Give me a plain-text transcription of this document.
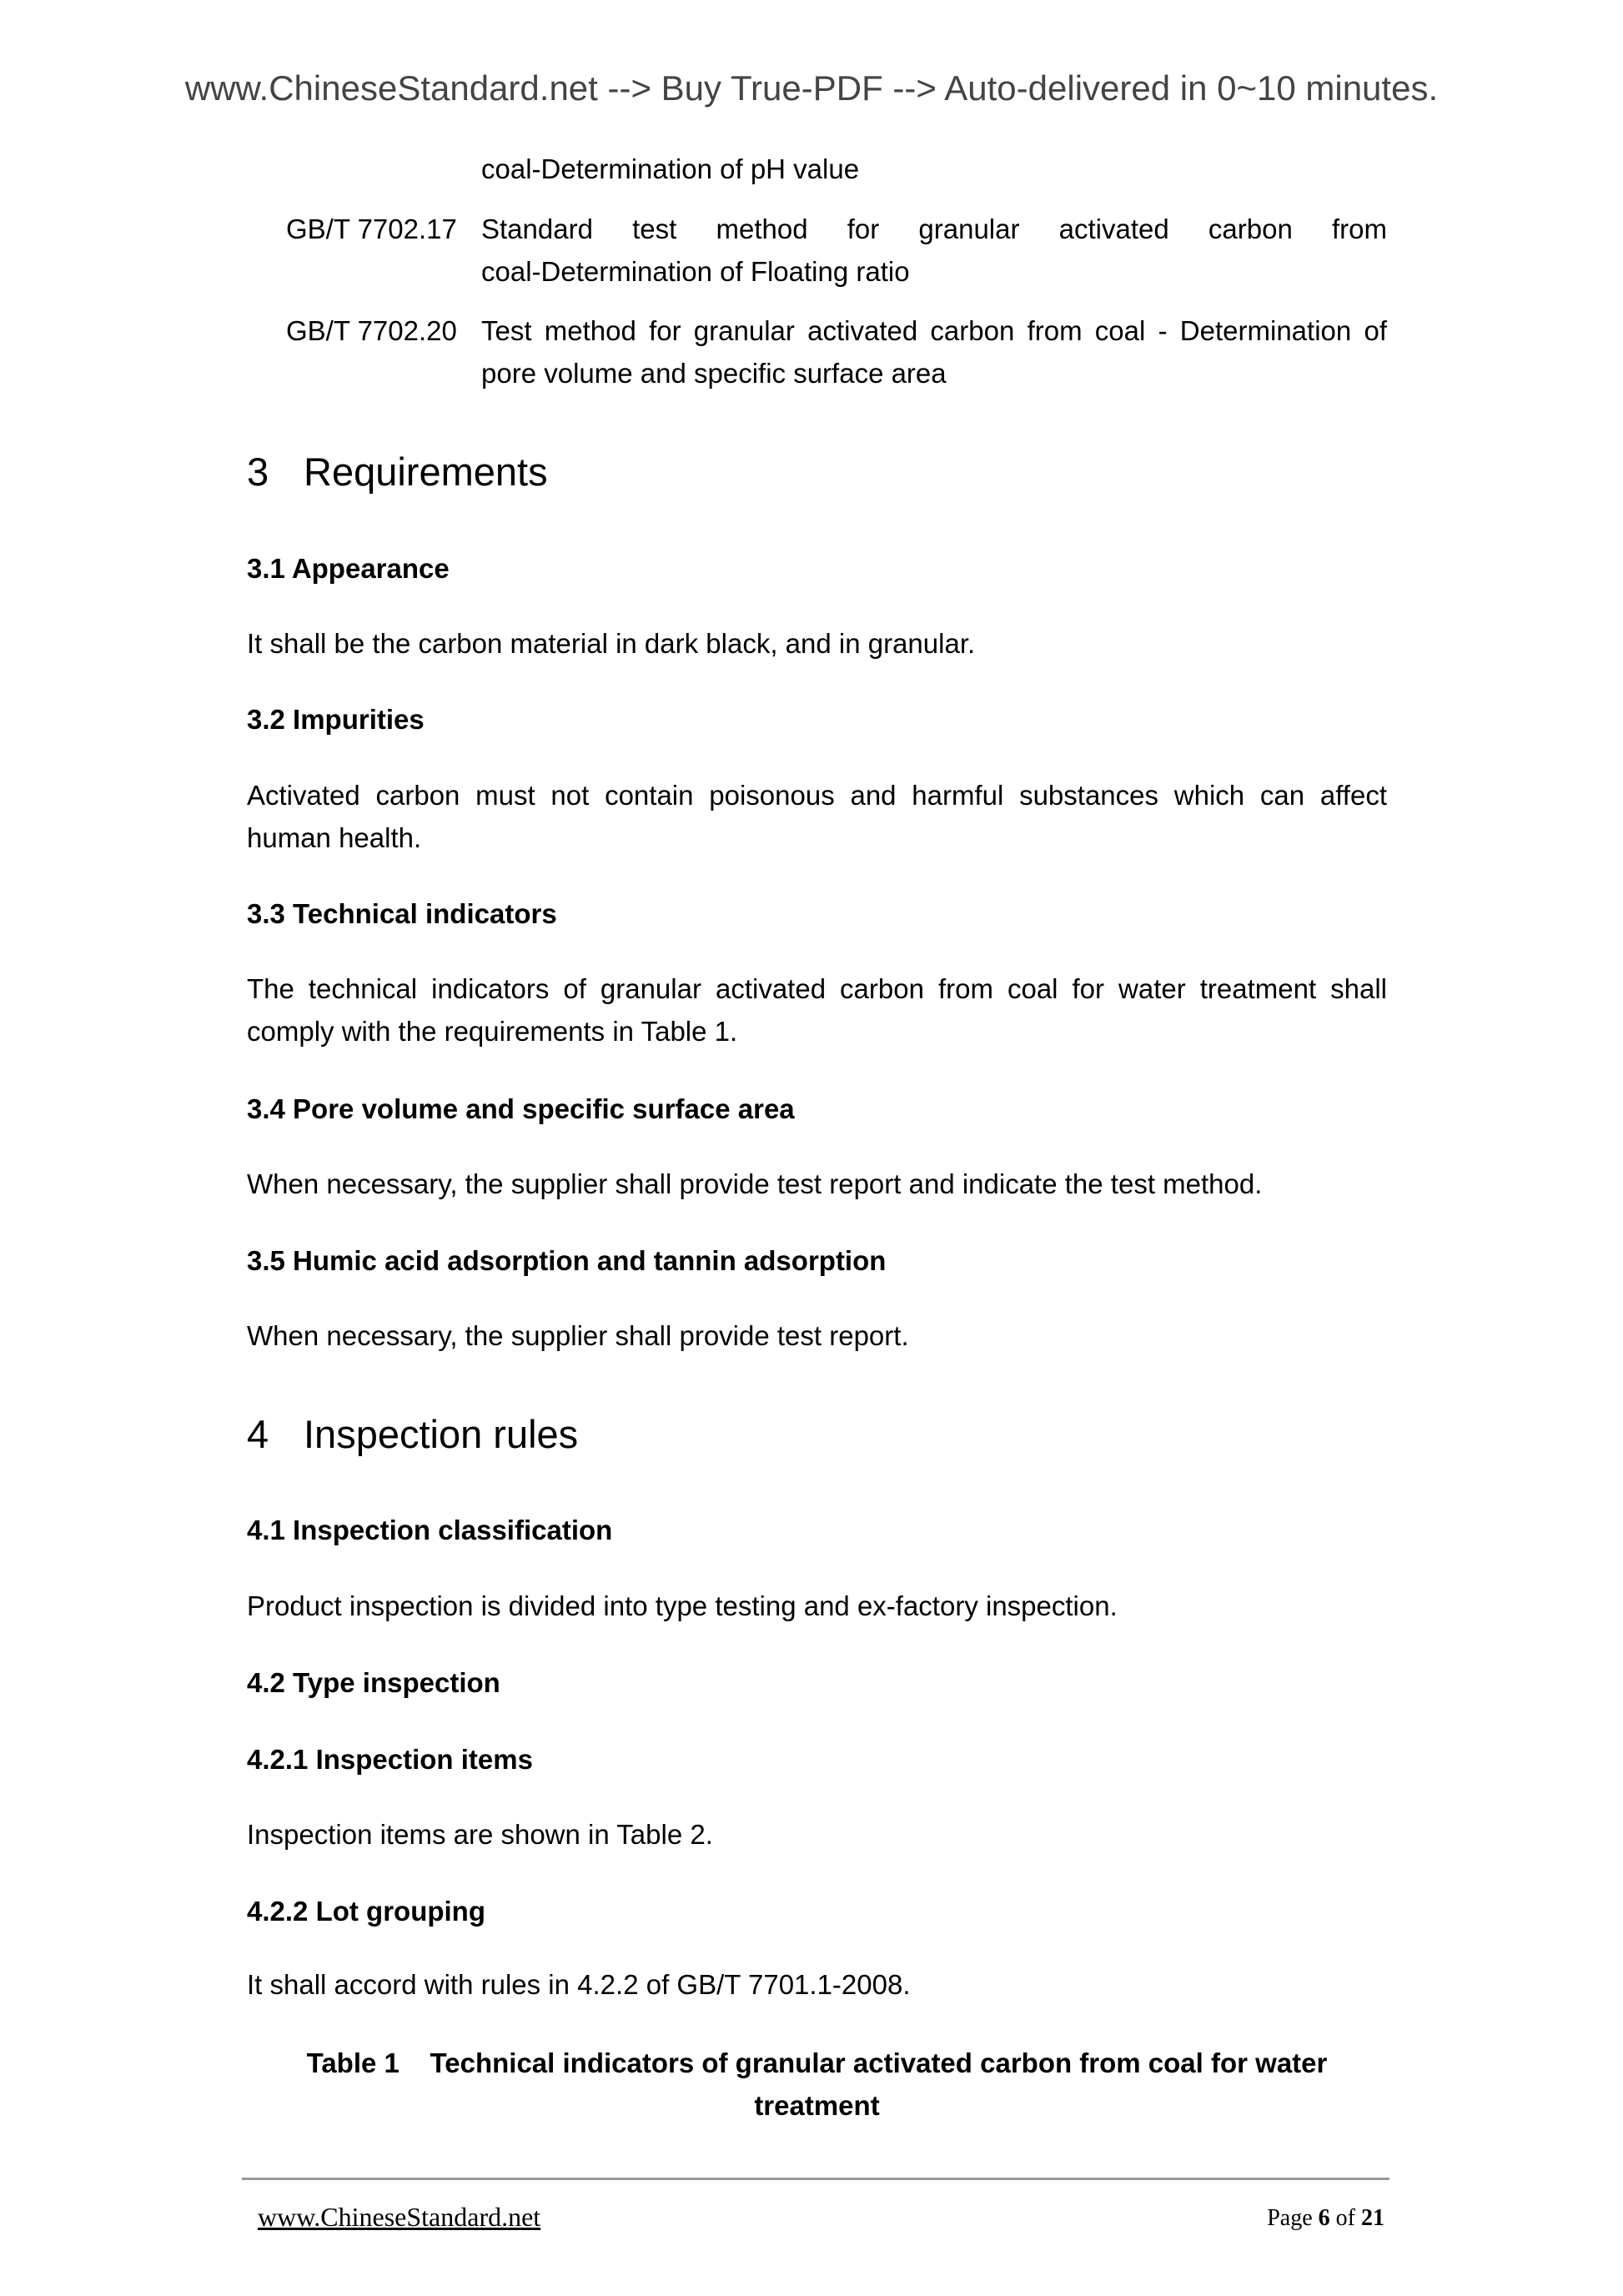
www.ChineseStandard.net --> Buy True-PDF --> Auto-delivered in 0~10 minutes.
coal-Determination of pH value
GB/T 7702.17 Standard test method for granular activated carbon from
coal-Determination of Floating ratio
GB/T 7702.20 Test method for granular activated carbon from coal - Determination of
pore volume and specific surface area
3 Requirements
3.1 Appearance
It shall be the carbon material in dark black, and in granular.
3.2 Impurities
Activated carbon must not contain poisonous and harmful substances which can affect human health.
3.3 Technical indicators
The technical indicators of granular activated carbon from coal for water treatment shall comply with the requirements in Table 1.
3.4 Pore volume and specific surface area
When necessary, the supplier shall provide test report and indicate the test method.
3.5 Humic acid adsorption and tannin adsorption
When necessary, the supplier shall provide test report.
4 Inspection rules
4.1 Inspection classification
Product inspection is divided into type testing and ex-factory inspection.
4.2 Type inspection
4.2.1 Inspection items
Inspection items are shown in Table 2.
4.2.2 Lot grouping
It shall accord with rules in 4.2.2 of GB/T 7701.1-2008.
Table 1    Technical indicators of granular activated carbon from coal for water treatment
www.ChineseStandard.net	Page 6 of 21
